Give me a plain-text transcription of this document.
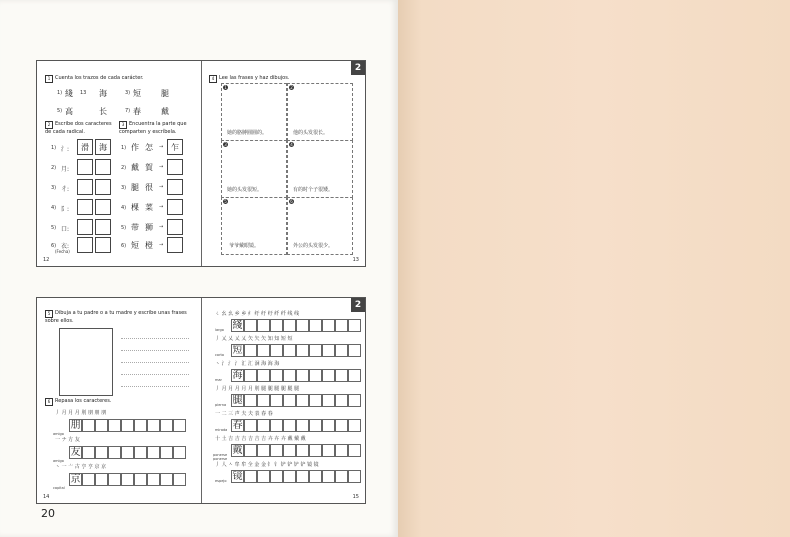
1 Cuenta los trazos de cada carácter.
1) 綫 13 海	3) 短	腿
5) 高	长	7) 春	戴
2 Escribe dos caracteres de cada radical.
3 Encuentra la parte que comparten y escríbela.
1) 氵: 滑 海
2) 月:
3) 彳:
4) 阝:
5) 口:
6) 衣:
(Fecha)
1) 作 怎 → 乍
2) 戴 賀 →
3) 腿 很 →
4) 棵 菜 →
5) 带 狮 →
6) 短 橙 →
12
2
4 Lee las frases y haz dibujos.
1	2
3	4
5	6
她的胳膊圓圓的。	他的头发很长。
她的头发很短。	有的时个子很矮。
爷爷戴眼镜。	外公的头发很少。
13
5 Dibuja a tu padre o a tu madre y escribe unas frases sobre ellos.
6 Repasa los caracteres.
丿 月 月 月 刖 朋 朋 朋
amigo
朋
一 ナ 方 友
amigo
友
丶 一 亠 古 亨 亨 京 京
capital
京
14
2
ㄑ 幺 幺 乡 乡 纟 纡 纡 纡 纤 纤 线 线
largo 綫
丿 乂 乂 乂 乂 矢 矢 矢 知 知 短 短
corto 短
丶 氵 氵 氵 汇 汇 洄 海 海 海
mar 海
丿 月 月 月 月 月 刖 腿 腿 腿 腿 腿 腿
pierna 腿
一 二 三 声 夫 夫 表 春 春
mirada 春
十 土 吉 吉 吉 吉 吉 吉 卉 卉 卉 戴 戴 戴
ponerse ponerse
戴
丿 人 ㅅ 牟 牟 全 金 金 钅 钅 铲 铲 铲 铲 镜 镜
espejo 镜
15
20
